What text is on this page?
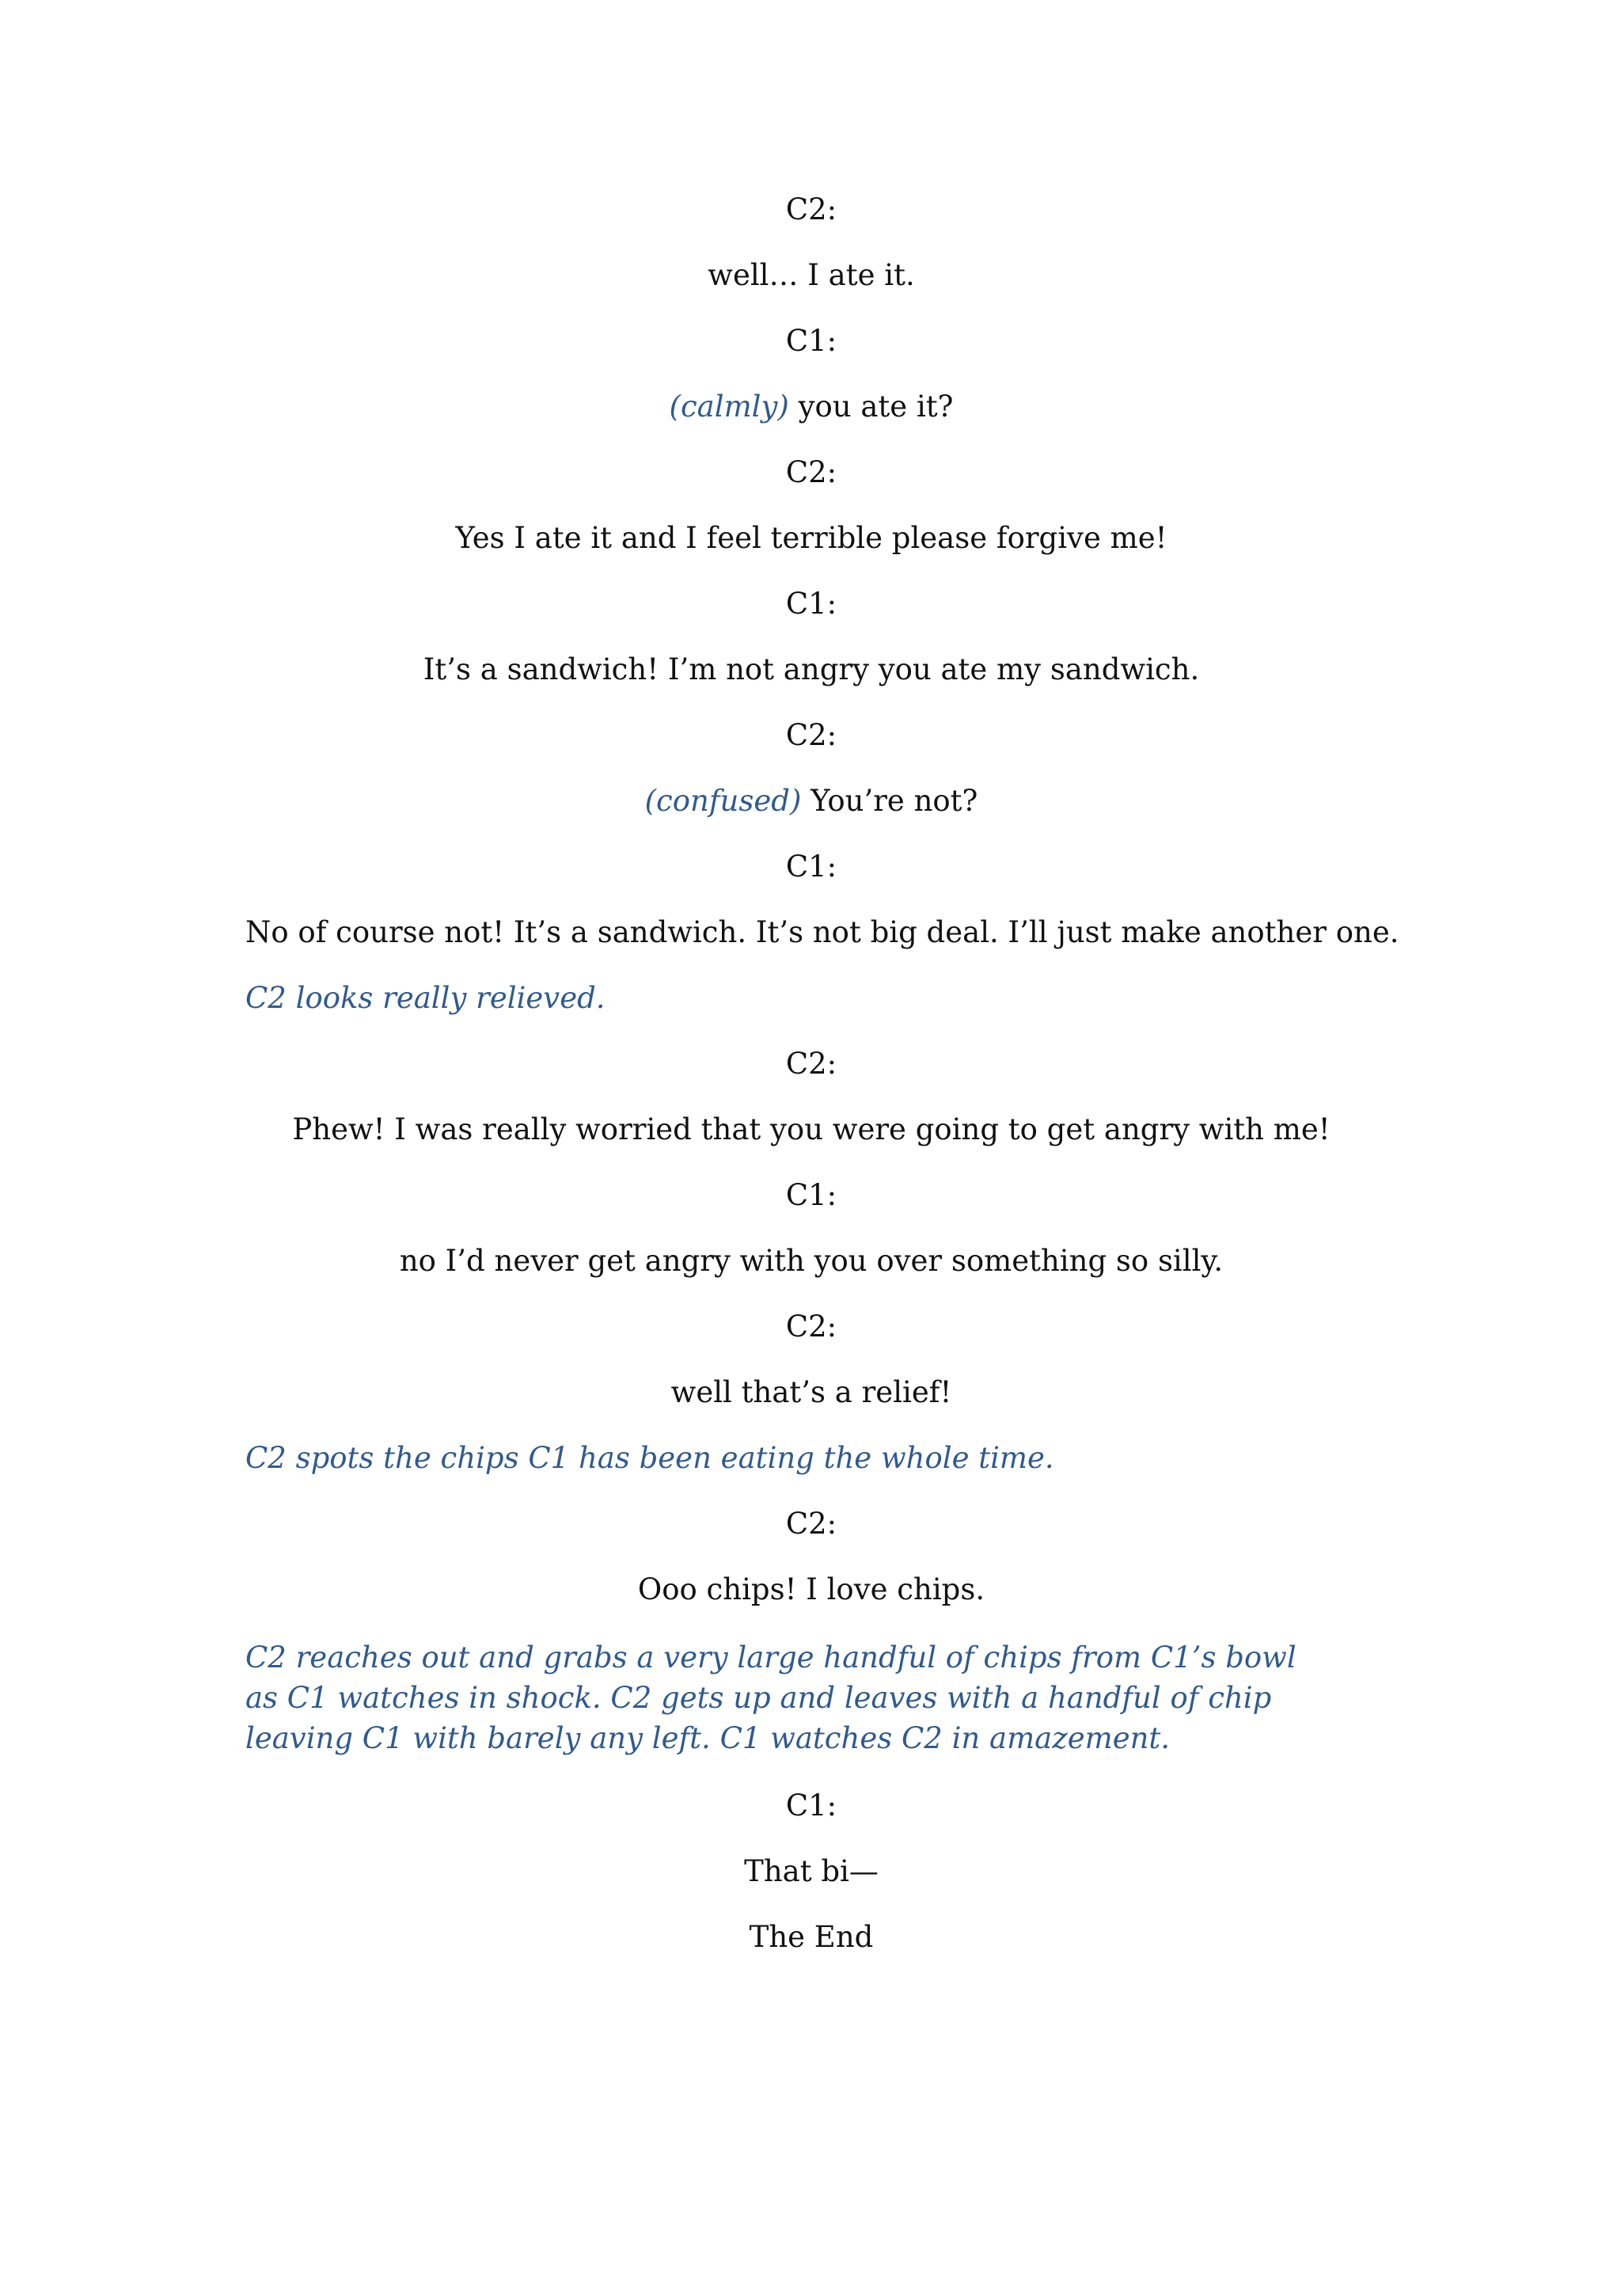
C2:
well… I ate it.
C1:
(calmly) you ate it?
C2:
Yes I ate it and I feel terrible please forgive me!
C1:
It’s a sandwich! I’m not angry you ate my sandwich.
C2:
(confused) You’re not?
C1:
No of course not! It’s a sandwich. It’s not big deal. I’ll just make another one.
C2 looks really relieved.
C2:
Phew! I was really worried that you were going to get angry with me!
C1:
no I’d never get angry with you over something so silly.
C2:
well that’s a relief!
C2 spots the chips C1 has been eating the whole time.
C2:
Ooo chips! I love chips.
C2 reaches out and grabs a very large handful of chips from C1’s bowl as C1 watches in shock. C2 gets up and leaves with a handful of chip leaving C1 with barely any left. C1 watches C2 in amazement.
C1:
That bi—
The End
